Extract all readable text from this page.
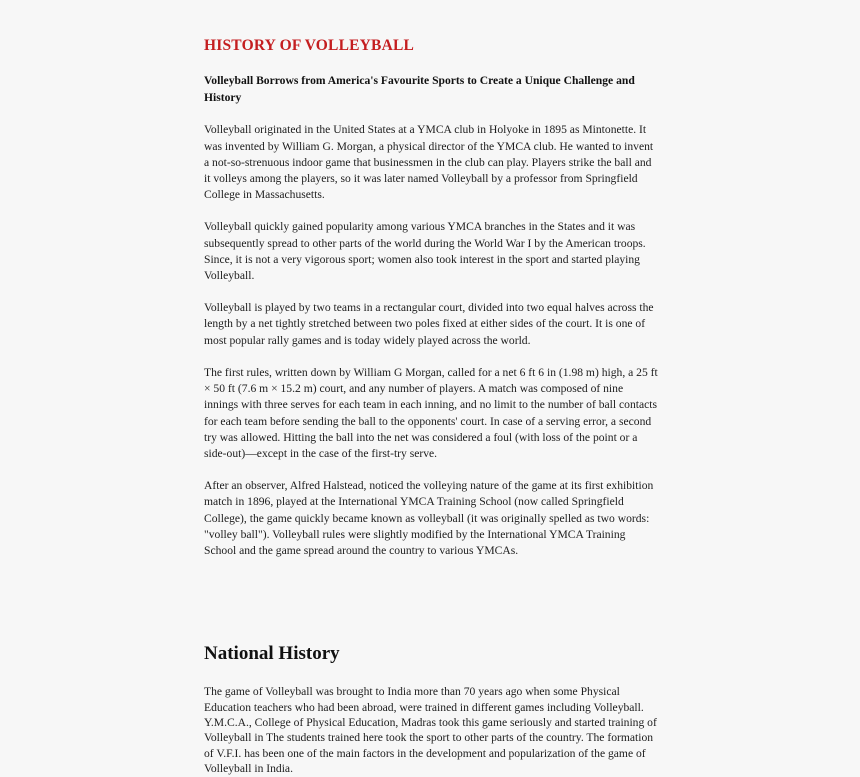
HISTORY OF VOLLEYBALL

Volleyball Borrows from America's Favourite Sports to Create a Unique Challenge and History

Volleyball originated in the United States at a YMCA club in Holyoke in 1895 as Mintonette. It was invented by William G. Morgan, a physical director of the YMCA club. He wanted to invent a not-so-strenuous indoor game that businessmen in the club can play. Players strike the ball and it volleys among the players, so it was later named Volleyball by a professor from Springfield College in Massachusetts.

Volleyball quickly gained popularity among various YMCA branches in the States and it was subsequently spread to other parts of the world during the World War I by the American troops. Since, it is not a very vigorous sport; women also took interest in the sport and started playing Volleyball.

Volleyball is played by two teams in a rectangular court, divided into two equal halves across the length by a net tightly stretched between two poles fixed at either sides of the court. It is one of most popular rally games and is today widely played across the world.

The first rules, written down by William G Morgan, called for a net 6 ft 6 in (1.98 m) high, a 25 ft × 50 ft (7.6 m × 15.2 m) court, and any number of players. A match was composed of nine innings with three serves for each team in each inning, and no limit to the number of ball contacts for each team before sending the ball to the opponents' court. In case of a serving error, a second try was allowed. Hitting the ball into the net was considered a foul (with loss of the point or a side-out)—except in the case of the first-try serve.

After an observer, Alfred Halstead, noticed the volleying nature of the game at its first exhibition match in 1896, played at the International YMCA Training School (now called Springfield College), the game quickly became known as volleyball (it was originally spelled as two words: "volley ball"). Volleyball rules were slightly modified by the International YMCA Training School and the game spread around the country to various YMCAs.

National History

The game of Volleyball was brought to India more than 70 years ago when some Physical Education teachers who had been abroad, were trained in different games including Volleyball. Y.M.C.A., College of Physical Education, Madras took this game seriously and started training of Volleyball in The students trained here took the sport to other parts of the country. The formation of V.F.I. has been one of the main factors in the development and popularization of the game of Volleyball in India.
